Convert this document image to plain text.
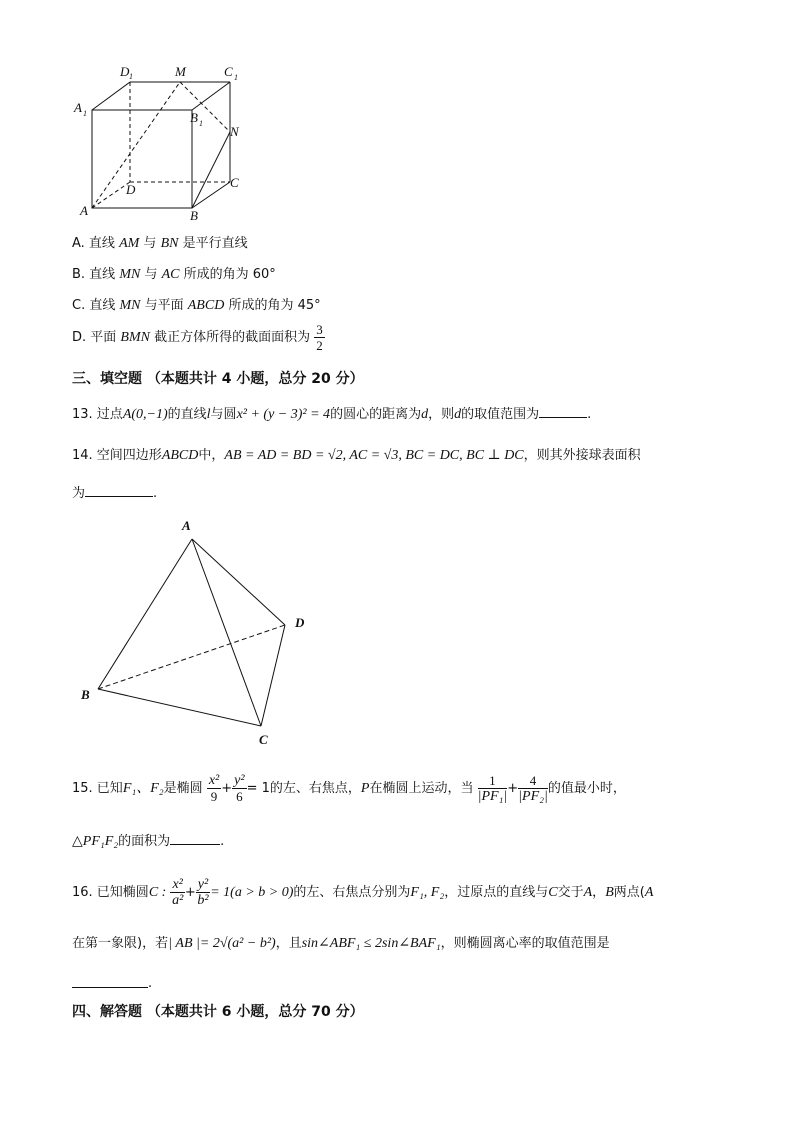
D 1	M	C 1
A 1	B 1
N
D	C
A	B
A. 直线 AM 与 BN 是平行直线
B. 直线 MN 与 AC 所成的角为 60°
C. 直线 MN 与平面 ABCD 所成的角为 45°
D. 平面 BMN 截正方体所得的截面面积为 $\frac{3}{2}$
三、填空题 （本题共计 4 小题，总分 20 分）
13. 过点A(0,−1)的直线l与圆x² + (y − 3)² = 4的圆心的距离为d，则d的取值范围为	.
14. 空间四边形ABCD中，AB = AD = BD = √2, AC = √3, BC = DC, BC ⊥ DC，则其外接球表面积
为	.
A
B
C
D
15. 已知F₁、F₂是椭圆 $\frac{\text{x²}}{9} + \frac{\text{y²}}{6} = 1$的左、右焦点，P在椭圆上运动，当 $\frac{1}{\text{|PF₁|}} + \frac{4}{\text{|PF₂|}}$ 的值最小时，
△PF₁F₂的面积为	.
16. 已知椭圆C : $\frac{\text{x²}}{\text{a²}} + \frac{\text{y²}}{\text{b²}} = 1(a > b > 0)$的左、右焦点分别为F₁, F₂，过原点的直线与C交于A，B两点(A
在第一象限)，若| AB |= 2√(a² − b²)，且sin∠ABF₁ ≤ 2sin∠BAF₁，则椭圆离心率的取值范围是
.
四、解答题 （本题共计 6 小题，总分 70 分）
